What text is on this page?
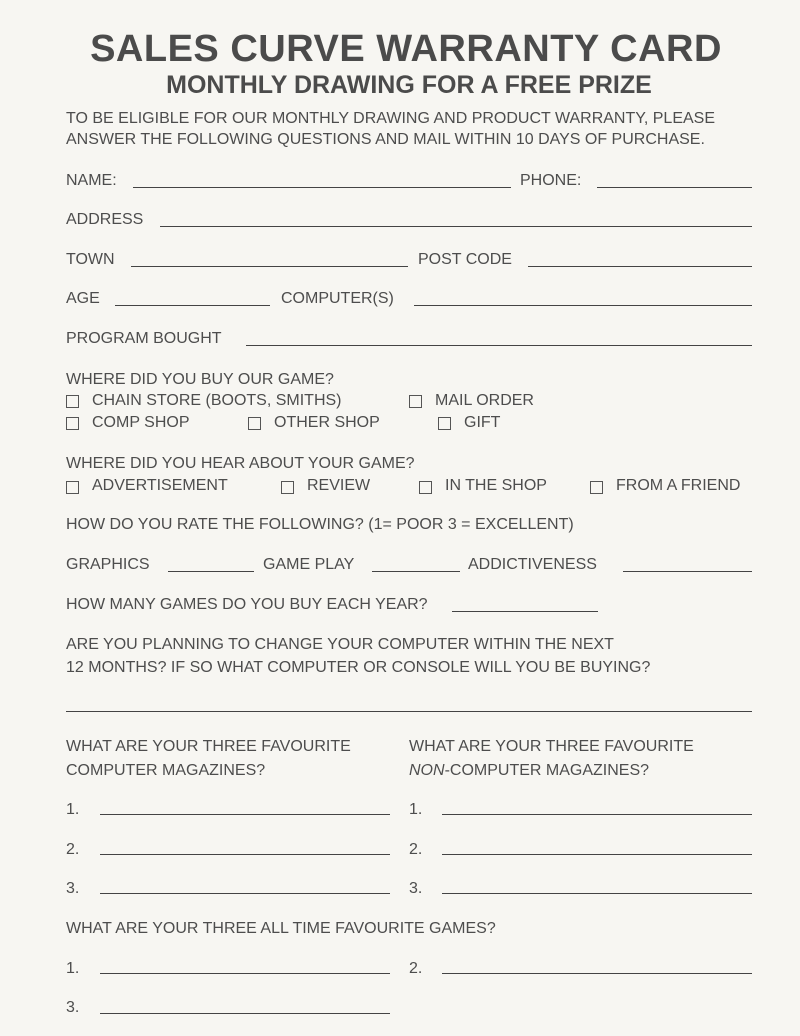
SALES CURVE WARRANTY CARD
MONTHLY DRAWING FOR A FREE PRIZE
TO BE ELIGIBLE FOR OUR MONTHLY DRAWING AND PRODUCT WARRANTY, PLEASE
ANSWER THE FOLLOWING QUESTIONS AND MAIL WITHIN 10 DAYS OF PURCHASE.
NAME:	PHONE:
ADDRESS
TOWN	POST CODE
AGE	COMPUTER(S)
PROGRAM BOUGHT
WHERE DID YOU BUY OUR GAME?
CHAIN STORE (BOOTS, SMITHS)	MAIL ORDER
COMP SHOP	OTHER SHOP	GIFT
WHERE DID YOU HEAR ABOUT YOUR GAME?
ADVERTISEMENT	REVIEW	IN THE SHOP	FROM A FRIEND
HOW DO YOU RATE THE FOLLOWING? (1= POOR 3 = EXCELLENT)
GRAPHICS	GAME PLAY	ADDICTIVENESS
HOW MANY GAMES DO YOU BUY EACH YEAR?
ARE YOU PLANNING TO CHANGE YOUR COMPUTER WITHIN THE NEXT
12 MONTHS? IF SO WHAT COMPUTER OR CONSOLE WILL YOU BE BUYING?
WHAT ARE YOUR THREE FAVOURITE
COMPUTER MAGAZINES?
WHAT ARE YOUR THREE FAVOURITE
NON-COMPUTER MAGAZINES?
1.	1.
2.	2.
3.	3.
WHAT ARE YOUR THREE ALL TIME FAVOURITE GAMES?
1.	2.
3.
